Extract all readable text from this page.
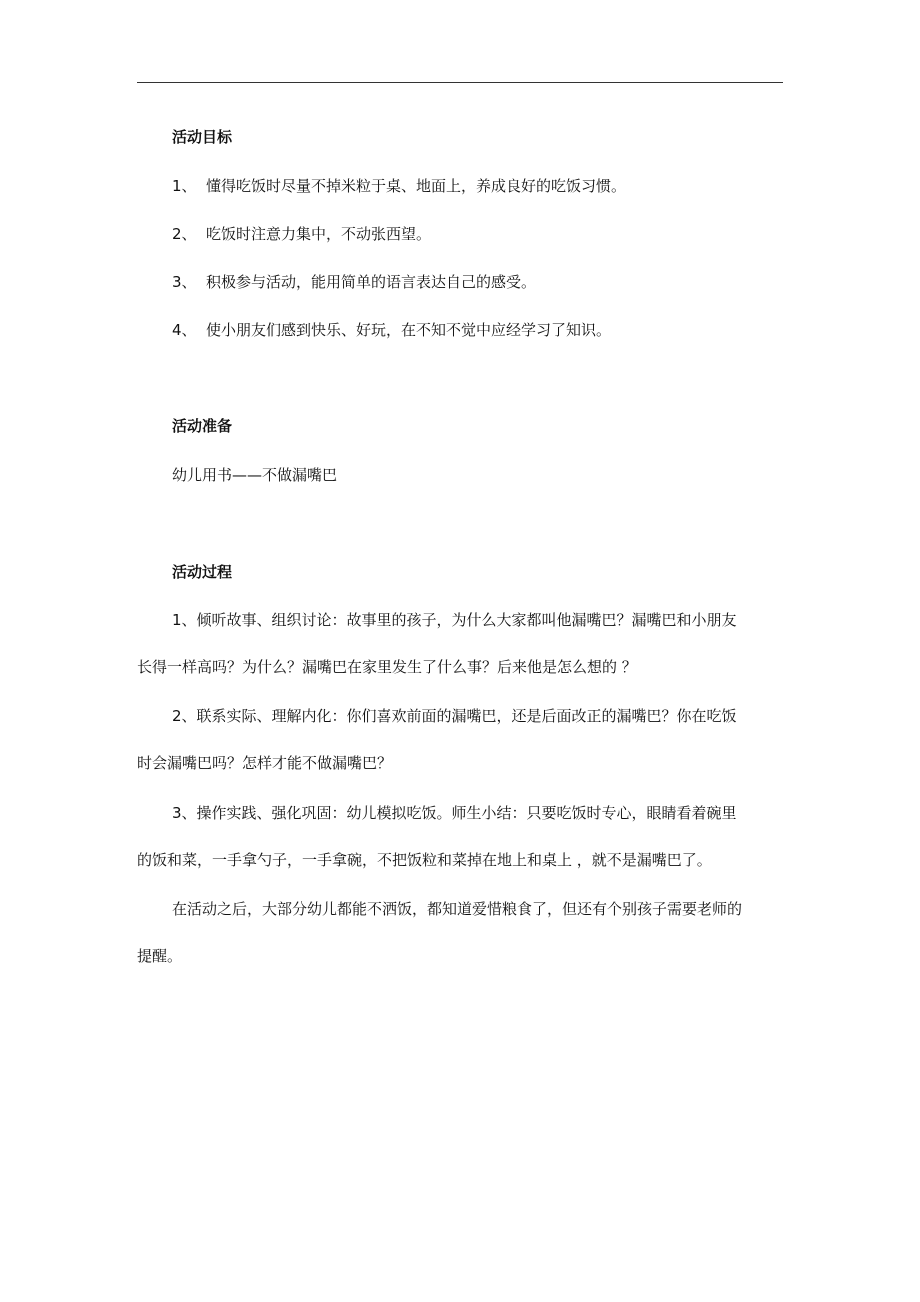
活动目标
1、 懂得吃饭时尽量不掉米粒于桌、地面上，养成良好的吃饭习惯。
2、 吃饭时注意力集中，不动张西望。
3、 积极参与活动，能用简单的语言表达自己的感受。
4、 使小朋友们感到快乐、好玩，在不知不觉中应经学习了知识。
活动准备
幼儿用书——不做漏嘴巴
活动过程
1、倾听故事、组织讨论：故事里的孩子，为什么大家都叫他漏嘴巴？漏嘴巴和小朋友
长得一样高吗？为什么？漏嘴巴在家里发生了什么事？后来他是怎么想的 ？
2、联系实际、理解内化：你们喜欢前面的漏嘴巴，还是后面改正的漏嘴巴？你在吃饭
时会漏嘴巴吗？怎样才能不做漏嘴巴？
3、操作实践、强化巩固：幼儿模拟吃饭。师生小结：只要吃饭时专心，眼睛看着碗里
的饭和菜，一手拿勺子，一手拿碗，不把饭粒和菜掉在地上和桌上 ，就不是漏嘴巴了。
在活动之后，大部分幼儿都能不洒饭，都知道爱惜粮食了，但还有个别孩子需要老师的
提醒。
